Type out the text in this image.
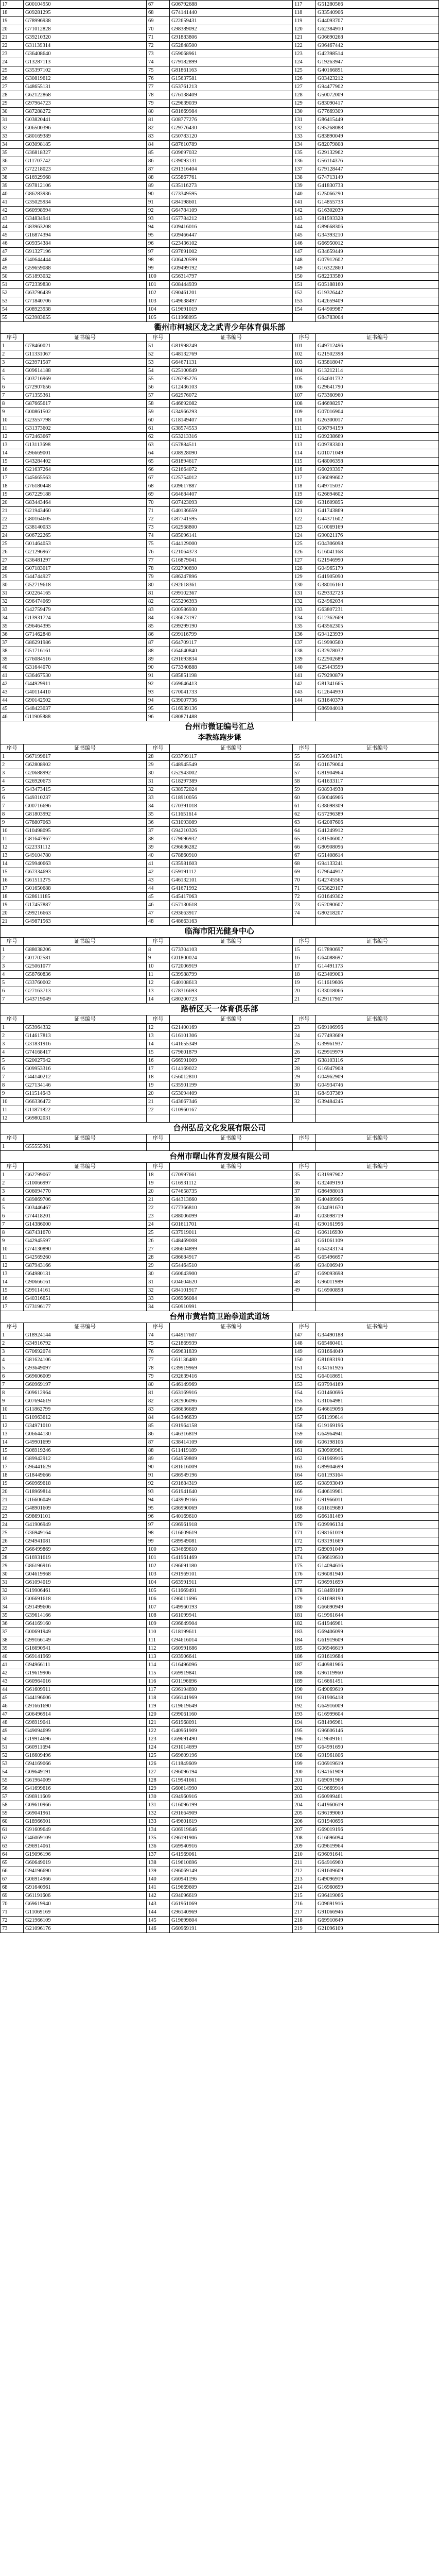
17	G00104950	67	G06792688	117	G51280566
18	G09281295	68	G74141440	118	G33540906
19	G78996938	69	G22659431	119	G44093707
20	G71012828	70	G98389092	120	G62384910
21	G39210320	71	G91883806	121	G06690268
22	G31139314	72	G52848500	122	G96467442
23	G36408640	73	G59068961	123	G42398514
24	G13287113	74	G79182899	124	G19263947
25	G35397102	75	G81861163	125	G40166891
26	G30819612	76	G15637581	126	G03423212
27	G48655131	77	G53761213	127	G94477902
28	G62122868	78	G76138409	128	G50072009
29	G97964723	79	G29639039	129	G83090417
30	G87288272	80	G81669984	130	G77669309
31	G03820441	81	G08777276	131	G86415449
32	G06500396	82	G29776430	132	G95268088
33	G80169389	83	G50783120	133	G83890049
34	G03098185	84	G87610789	134	G82079808
35	G36818327	85	G09697032	135	G29132962
36	G11707742	86	G39093131	136	G56114376
37	G72218023	87	G91316404	137	G79128447
38	G16929968	88	G55867761	138	G74713149
39	G97812106	89	G35116273	139	G41830733
40	G86283936	90	G73349595	140	G25066290
41	G35025934	91	G84198601	141	G14855733
42	G60998994	92	G64784109	142	G16302039
43	G34834941	93	G57784212	143	G81593328
44	G83963208	94	G09416016	144	G89668306
45	G16874394	95	G09466447	145	G34393210
46	G09354384	96	G23436102	146	G66950012
47	G91327196	97	G97691002	147	G34659449
48	G40644444	98	G06420599	148	G07912602
49	G59659088	99	G09499192	149	G16322860
50	G51893032	100	G56314797	150	G82233580
51	G72339830	101	G08444939	151	G05188160
52	G63796439	102	G90461201	152	G19326442
53	G71840706	103	G49638497	153	G42659409
54	G08923938	104	G19691019	154	G44909987
55	G23983655	105	G11968095		G84783004
衢州市柯城区龙之武青少年体育俱乐部
序号	证书编号	序号	证书编号	序号	证书编号
1	G78460021	51	G81998249	101	G49712496
2	G11331067	52	G48132769	102	G21502398
3	G23971587	53	G64671131	103	G35818047
4	G09614188	54	G25100649	104	G13212114
5	G03716969	55	G26795276	105	G64601732
6	G72907656	56	G12436103	106	G29641790
7	G71355361	57	G62976072	107	G73360960
8	G87665617	58	G46692082	108	G46698297
9	G00861502	59	G34966293	109	G07016904
10	G23557798	60	G18149407	110	G26300017
11	G31373602	61	G38574553	111	G06794159
12	G72463667	62	G53213316	112	G09238669
13	G13113698	63	G57884511	113	G09783300
14	G96669001	64	G08928090	114	G01071049
15	G43284402	65	G81894617	115	G48006398
16	G21637264	66	G21664072	116	G60293397
17	G45665563	67	G25754012	117	G96099602
18	G76180448	68	G09617887	118	G49715037
19	G67229188	69	G64684407	119	G26694602
20	G83443464	70	G07423093	120	G31609895
21	G21943460	71	G40136659	121	G41743869
22	G80164605	72	G87741595	122	G44371602
23	G38140033	73	G62968800	123	G10069169
24	G06722265	74	G85096141	124	G90021176
25	G01464053	75	G44129000	125	G04306098
26	G21296967	76	G21064373	126	G16041168
27	G36481297	77	G16879041	127	G21946990
28	G07183017	78	G92790690	128	G04965179
29	G44744927	79	G86247896	129	G41905090
30	G52719618	80	G92618361	130	G38016160
31	G02264165	81	G99102367	131	G29332723
32	G96474069	82	G55296393	132	G24962034
33	G42759479	83	G00586930	133	G63807231
34	G13931724	84	G36673197	134	G12362669
35	G96464395	85	G99299190	135	G43562305
36	G71462848	86	G99116799	136	G94123939
37	G86291986	87	G64709117	137	G19990560
38	G51716161	88	G64640840	138	G32978032
39	G76084516	89	G91693834	139	G22902689
40	G31644070	90	G73340888	140	G25443599
41	G36467530	91	G85851198	141	G79290879
42	G44929911	92	G69646413	142	G81341665
43	G40114410	93	G70041733	143	G12644930
44	G90142502	94	G39007736	144	G31640379
45	G48423037	95	G16939136		G86904018
46	G11905888	96	G80871488		
台州市微证编号汇总
李教练跑步课
序号	证书编号	序号	证书编号	序号	证书编号
1	G67199617	28	G93799117	55	G50934171
2	G62808902	29	G48945549	56	G01679004
3	G20688992	30	G52943002	57	G81904964
4	G26920673	31	G18297389	58	G41633117
5	G43473415	32	G38972024	59	G08934938
6	G49310237	33	G18910056	60	G60046966
7	G00716696	34	G70391018	61	G38698309
8	G81803992	35	G11651614	62	G57296389
9	G78807063	36	G31093089	63	G42087606
10	G10498095	37	G94210326	64	G41249912
11	G81647967	38	G79696932	65	G81506002
12	G22331112	39	G96686282	66	G80908096
13	G49104780	40	G78860910	67	G51408614
14	G29940663	41	G35981603	68	G94133241
15	G67334693	42	G59191112	69	G79644912
16	G61511275	43	G46132101	70	G42745565
17	G01650688	44	G41671992	71	G53629107
18	G28611185	45	G45417063	72	G01649302
19	G17457887	46	G57130618	73	G52090607
20	G99216663	47	G93663917	74	G80218207
21	G49871563	48	G48663163		
临海市阳光健身中心
序号	证书编号	序号	证书编号	序号	证书编号
1	G88038206	8	G73304103	15	G17890697
2	G01702581	9	G01800024	16	G64088697
3	G25061077	10	G72006919	17	G14491173
4	G58760836	11	G39988799	18	G23409003
5	G33760002	12	G40108613	19	G11619606
6	G27163713	13	G78316693	20	G33018066
7	G43719049	14	G80200723	21	G29117967
路桥区天一体育俱乐部
序号	证书编号	序号	证书编号	序号	证书编号
1	G53964332	12	G21400169	23	G69106996
2	G14617813	13	G16101306	24	G77493669
3	G31831916	14	G41655349	25	G39961937
4	G74168417	15	G79601879	26	G29919979
5	G20027942	16	G66991009	27	G38103116
6	G09953316	17	G14169022	28	G16947908
7	G44140212	18	G56012810	29	G04962909
8	G27134146	19	G35901199	30	G04934746
9	G11514643	20	G53094409	31	G84937369
10	G66336472	21	G43667346	32	G39484245
11	G11871822	22	G10960167		
12	G69802031				
台州弘岳文化发展有限公司
序号	证书编号	序号	证书编号	序号	证书编号
1	G55555361				
台州市曙山体育发展有限公司
序号	证书编号	序号	证书编号	序号	证书编号
1	G62799067	18	G70997661	35	G31997902
2	G10066997	19	G16931112	36	G32409190
3	G06094770	20	G74658735	37	G86498018
4	G89869706	21	G44313660	38	G40409906
5	G03446467	22	G77366810	39	G04691670
6	G74418201	23	G88006099	40	G03698719
7	G14386000	24	G01611701	41	G90161996
8	G87431670	25	G37919011	42	G06116930
9	G42945597	26	G48469008	43	G61061109
10	G74130890	27	G86604899	44	G64243174
11	G42569260	28	G86684917	45	G65496697
12	G87943166	29	G54464510	46	G94006949
13	G64980131	30	G60643900	47	G69093698
14	G90666161	31	G04604620	48	G96011989
15	G99114161	32	G84101917	49	G16900898
16	G40316651	33	G06966084		
17	G73196177	34	G50910991		
台州市黄岩简卫跆拳道武道场
序号	证书编号	序号	证书编号	序号	证书编号
1	G18924144	74	G44917607	147	G34490188
2	G34916792	75	G21869939	148	G65460401
3	G70692074	76	G69631839	149	G91664049
4	G81624106	77	G61136480	150	G81693190
5	G93649097	78	G39919969	151	G34161926
6	G69606009	79	G92639416	152	G64018691
7	G60969197	80	G46149969	153	G97994169
8	G09612964	81	G63169916	154	G01460696
9	G07694619	82	G82906096	155	G31064981
10	G11862799	83	G86636689	156	G46619096
11	G10963612	84	G44346639	157	G61199614
12	G34971010	85	G91964158	158	G19169196
13	G06644130	86	G46316819	159	G64964941
14	G49901699	87	G38414109	160	G06198106
15	G06919246	88	G11419189	161	G30909961
16	G89942912	89	G64959809	162	G91969916
17	G96441629	90	G81616009	163	G89904699
18	G18449666	91	G86949196	164	G61193164
19	G60969618	92	G91684319	165	G98993049
20	G18969814	93	G61941640	166	G40619961
21	G16606049	94	G43909166	167	G91966011
22	G48901609	95	G86990069	168	G61619680
23	G98691101	96	G40169610	169	G66181469
24	G41906949	97	G96961918	170	G09996134
25	G36949164	98	G16609619	171	G98161019
26	G94941081	99	G89949081	172	G93191669
27	G66499869	100	G34669610	173	G89091049
28	G16931619	101	G41961469	174	G96619610
29	G86196916	102	G96691180	175	G14094616
30	G04619968	103	G91969101	176	G96081940
31	G61094019	104	G63991911	177	G96991699
32	G19906461	105	G11669491	178	G18469169
33	G06691618	106	G96011696	179	G91698190
34	G91499606	107	G49960193	180	G66690949
35	G39614166	108	G61099941	181	G19961644
36	G64169160	109	G96649904	182	G41946961
37	G00691949	110	G18199611	183	G69406099
38	G99166149	111	G94616014	184	G61919609
39	G16690941	112	G60991686	185	G06946619
40	G69141969	113	G93906641	186	G91619684
41	G94966111	114	G16496096	187	G40981966
42	G19619906	115	G69919841	188	G96119960
43	G60964016	116	G01196696	189	G16661491
44	G61609911	117	G96194690	190	G49069619
45	G44196606	118	G66141969	191	G91906418
46	G91661690	119	G19619649	192	G64916009
47	G06496914	120	G99061160	193	G16999604
48	G96919041	121	G61968091	194	G81496961
49	G49094699	122	G40961909	195	G96606146
50	G19914696	123	G69691490	196	G19609161
51	G60911694	124	G91014699	197	G64991690
52	G16609496	125	G69609196	198	G91961806
53	G94169066	126	G11849609	199	G06919619
54	G09649191	127	G96096194	200	G94161909
55	G61964009	128	G19941661	201	G69091960
56	G41699616	129	G60614990	202	G19669914
57	G96911609	130	G94960916	203	G60999461
58	G09610966	131	G16096199	204	G41960619
59	G69041961	132	G91664909	205	G96199060
60	G18966901	133	G49601619	206	G91940696
61	G91609649	134	G06919646	207	G69019196
62	G46069109	135	G96191906	208	G16696094
63	G96914061	136	G69940916	209	G09619964
64	G19096196	137	G41969061	210	G96091641
65	G60649019	138	G19610696	211	G64916960
66	G94196690	139	G96069149	212	G91609609
67	G06914966	140	G60941196	213	G49096919
68	G91640961	141	G19669609	214	G16960699
69	G61191606	142	G94096619	215	G96419066
70	G69619940	143	G61961069	216	G09691916
71	G11069169	144	G96140969	217	G91066946
72	G21966109	145	G19699604	218	G69910649
73	G21096176	146	G60969191	219	G21096109
